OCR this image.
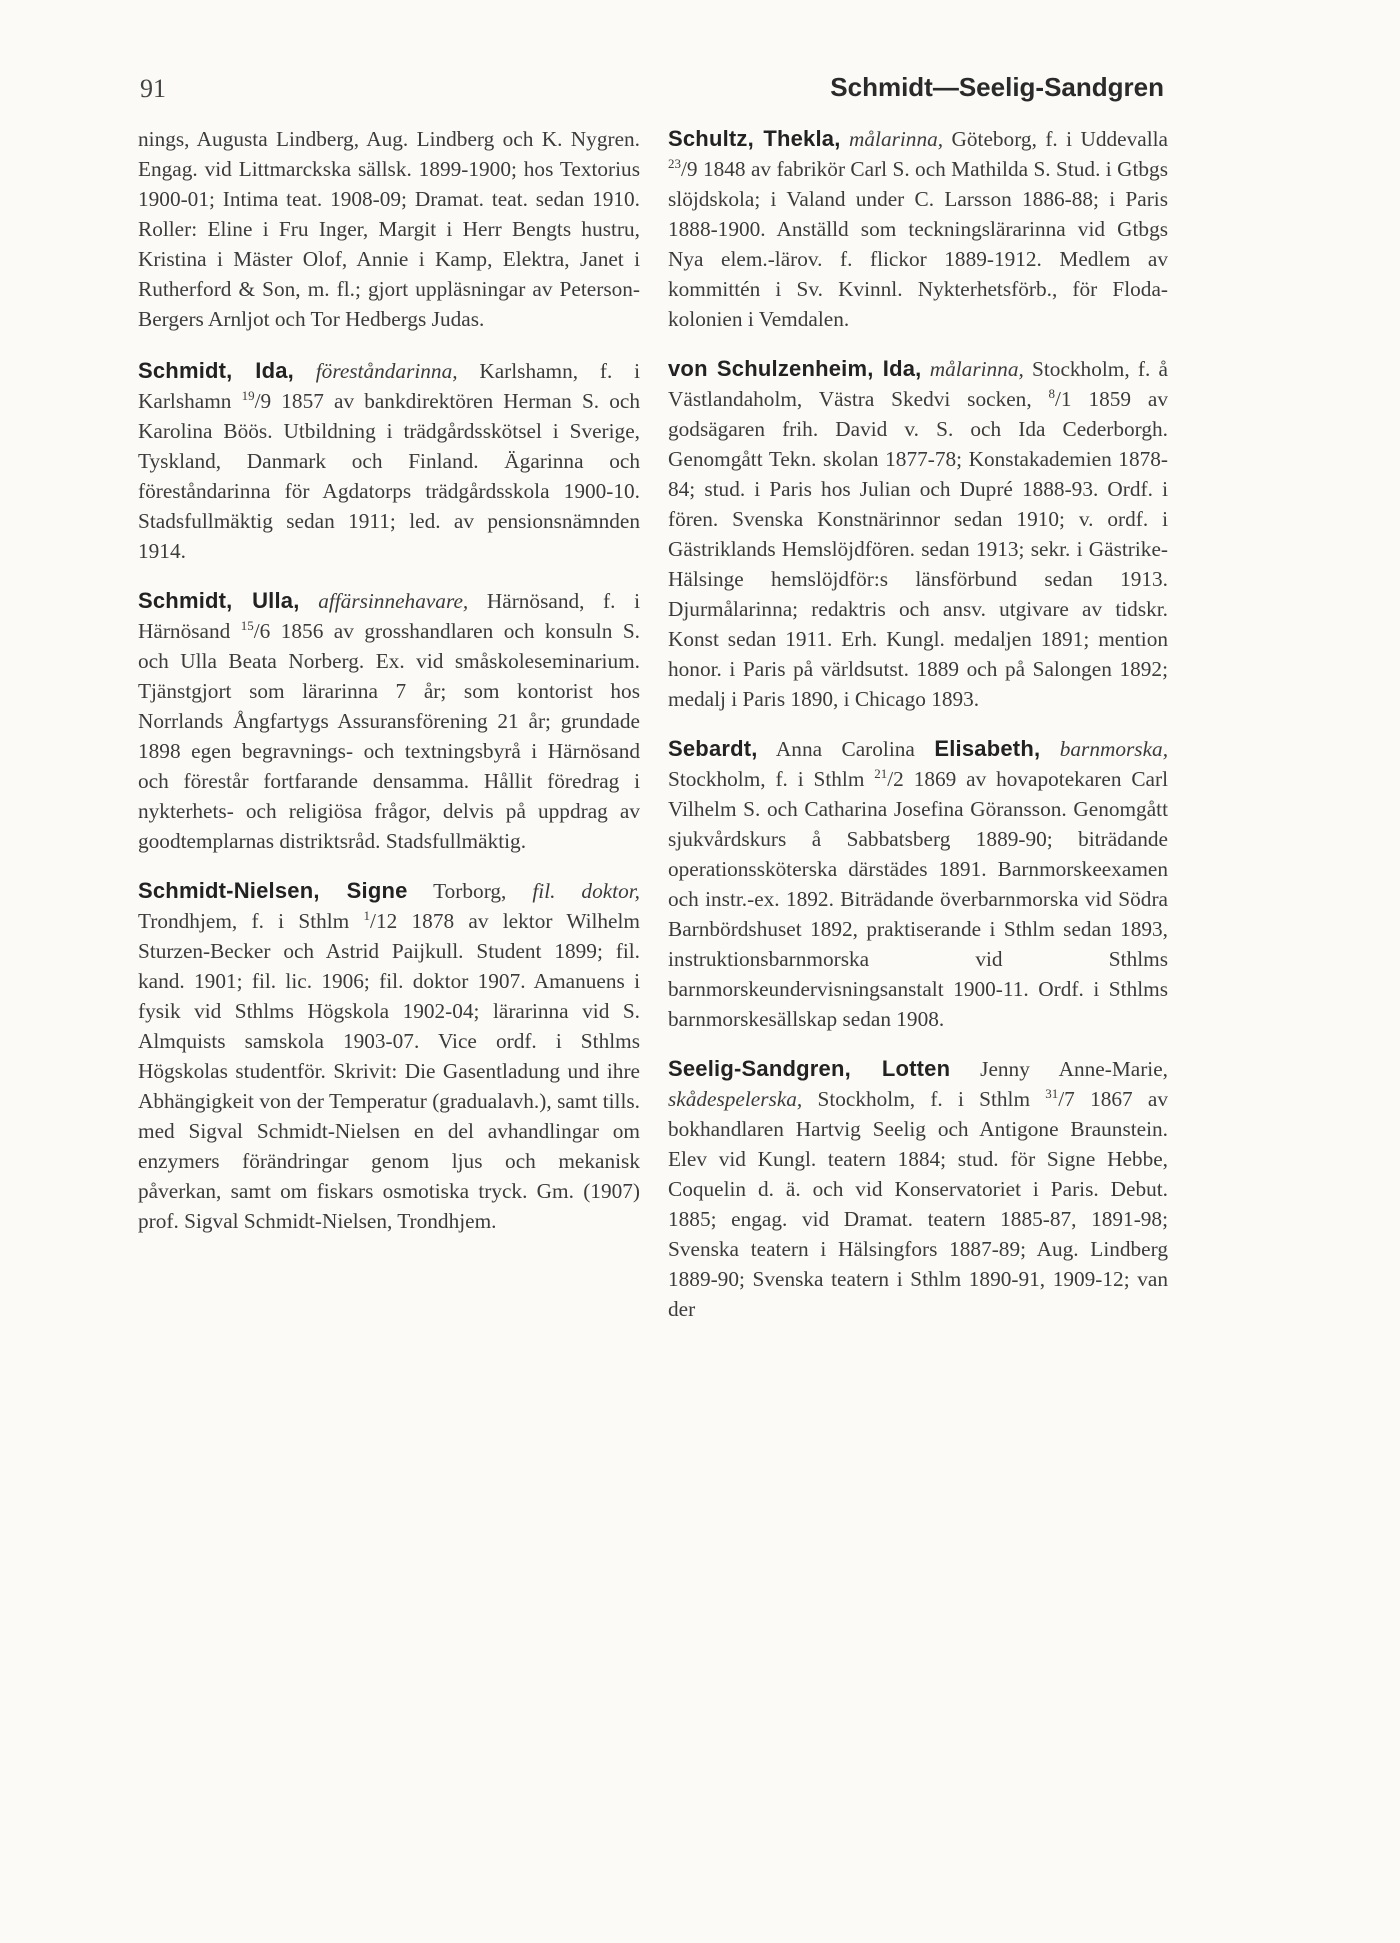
91	Schmidt—Seelig-Sandgren

nings, Augusta Lindberg, Aug. Lindberg och K. Nygren. Engag. vid Littmarckska sällsk. 1899-1900; hos Textorius 1900-01; Intima teat. 1908-09; Dramat. teat. sedan 1910. Roller: Eline i Fru Inger, Margit i Herr Bengts hustru, Kristina i Mäster Olof, Annie i Kamp, Elektra, Janet i Rutherford & Son, m. fl.; gjort uppläsningar av Peterson-Bergers Arnljot och Tor Hedbergs Judas.

Schmidt, Ida, föreståndarinna, Karlshamn, f. i Karlshamn $^{19}$/9 1857 av bankdirektören Herman S. och Karolina Böös. Utbildning i trädgårdsskötsel i Sverige, Tyskland, Danmark och Finland. Ägarinna och föreståndarinna för Agdatorps trädgårdsskola 1900-10. Stadsfullmäktig sedan 1911; led. av pensionsnämnden 1914.

Schmidt, Ulla, affärsinnehavare, Härnösand, f. i Härnösand $^{15}$/6 1856 av grosshandlaren och konsuln S. och Ulla Beata Norberg. Ex. vid småskoleseminarium. Tjänstgjort som lärarinna 7 år; som kontorist hos Norrlands Ångfartygs Assuransförening 21 år; grundade 1898 egen begravnings- och textningsbyrå i Härnösand och förestår fortfarande densamma. Hållit föredrag i nykterhets- och religiösa frågor, delvis på uppdrag av goodtemplarnas distriktsråd. Stadsfullmäktig.

Schmidt-Nielsen, Signe Torborg, fil. doktor, Trondhjem, f. i Sthlm $^1$/12 1878 av lektor Wilhelm Sturzen-Becker och Astrid Paijkull. Student 1899; fil. kand. 1901; fil. lic. 1906; fil. doktor 1907. Amanuens i fysik vid Sthlms Högskola 1902-04; lärarinna vid S. Almquists samskola 1903-07. Vice ordf. i Sthlms Högskolas studentför. Skrivit: Die Gasentladung und ihre Abhängigkeit von der Temperatur (gradualavh.), samt tills. med Sigval Schmidt-Nielsen en del avhandlingar om enzymers förändringar genom ljus och mekanisk påverkan, samt om fiskars osmotiska tryck. Gm. (1907) prof. Sigval Schmidt-Nielsen, Trondhjem.

Schultz, Thekla, målarinna, Göteborg, f. i Uddevalla $^{23}$/9 1848 av fabrikör Carl S. och Mathilda S. Stud. i Gtbgs slöjdskola; i Valand under C. Larsson 1886-88; i Paris 1888-1900. Anställd som teckningslärarinna vid Gtbgs Nya elem.-lärov. f. flickor 1889-1912. Medlem av kommittén i Sv. Kvinnl. Nykterhetsförb., för Floda-kolonien i Vemdalen.

von Schulzenheim, Ida, målarinna, Stockholm, f. å Västlandaholm, Västra Skedvi socken, $^8$/1 1859 av godsägaren frih. David v. S. och Ida Cederborgh. Genomgått Tekn. skolan 1877-78; Konstakademien 1878-84; stud. i Paris hos Julian och Dupré 1888-93. Ordf. i fören. Svenska Konstnärinnor sedan 1910; v. ordf. i Gästriklands Hemslöjdfören. sedan 1913; sekr. i Gästrike-Hälsinge hemslöjdför:s länsförbund sedan 1913. Djurmålarinna; redaktris och ansv. utgivare av tidskr. Konst sedan 1911. Erh. Kungl. medaljen 1891; mention honor. i Paris på världsutst. 1889 och på Salongen 1892; medalj i Paris 1890, i Chicago 1893.

Sebardt, Anna Carolina Elisabeth, barnmorska, Stockholm, f. i Sthlm $^{21}$/2 1869 av hovapotekaren Carl Vilhelm S. och Catharina Josefina Göransson. Genomgått sjukvårdskurs å Sabbatsberg 1889-90; biträdande operationssköterska därstädes 1891. Barnmorskeexamen och instr.-ex. 1892. Biträdande överbarnmorska vid Södra Barnbördshuset 1892, praktiserande i Sthlm sedan 1893, instruktionsbarnmorska vid Sthlms barnmorskeundervisningsanstalt 1900-11. Ordf. i Sthlms barnmorskesällskap sedan 1908.

Seelig-Sandgren, Lotten Jenny Anne-Marie, skådespelerska, Stockholm, f. i Sthlm $^{31}$/7 1867 av bokhandlaren Hartvig Seelig och Antigone Braunstein. Elev vid Kungl. teatern 1884; stud. för Signe Hebbe, Coquelin d. ä. och vid Konservatoriet i Paris. Debut. 1885; engag. vid Dramat. teatern 1885-87, 1891-98; Svenska teatern i Hälsingfors 1887-89; Aug. Lindberg 1889-90; Svenska teatern i Sthlm 1890-91, 1909-12; van der
